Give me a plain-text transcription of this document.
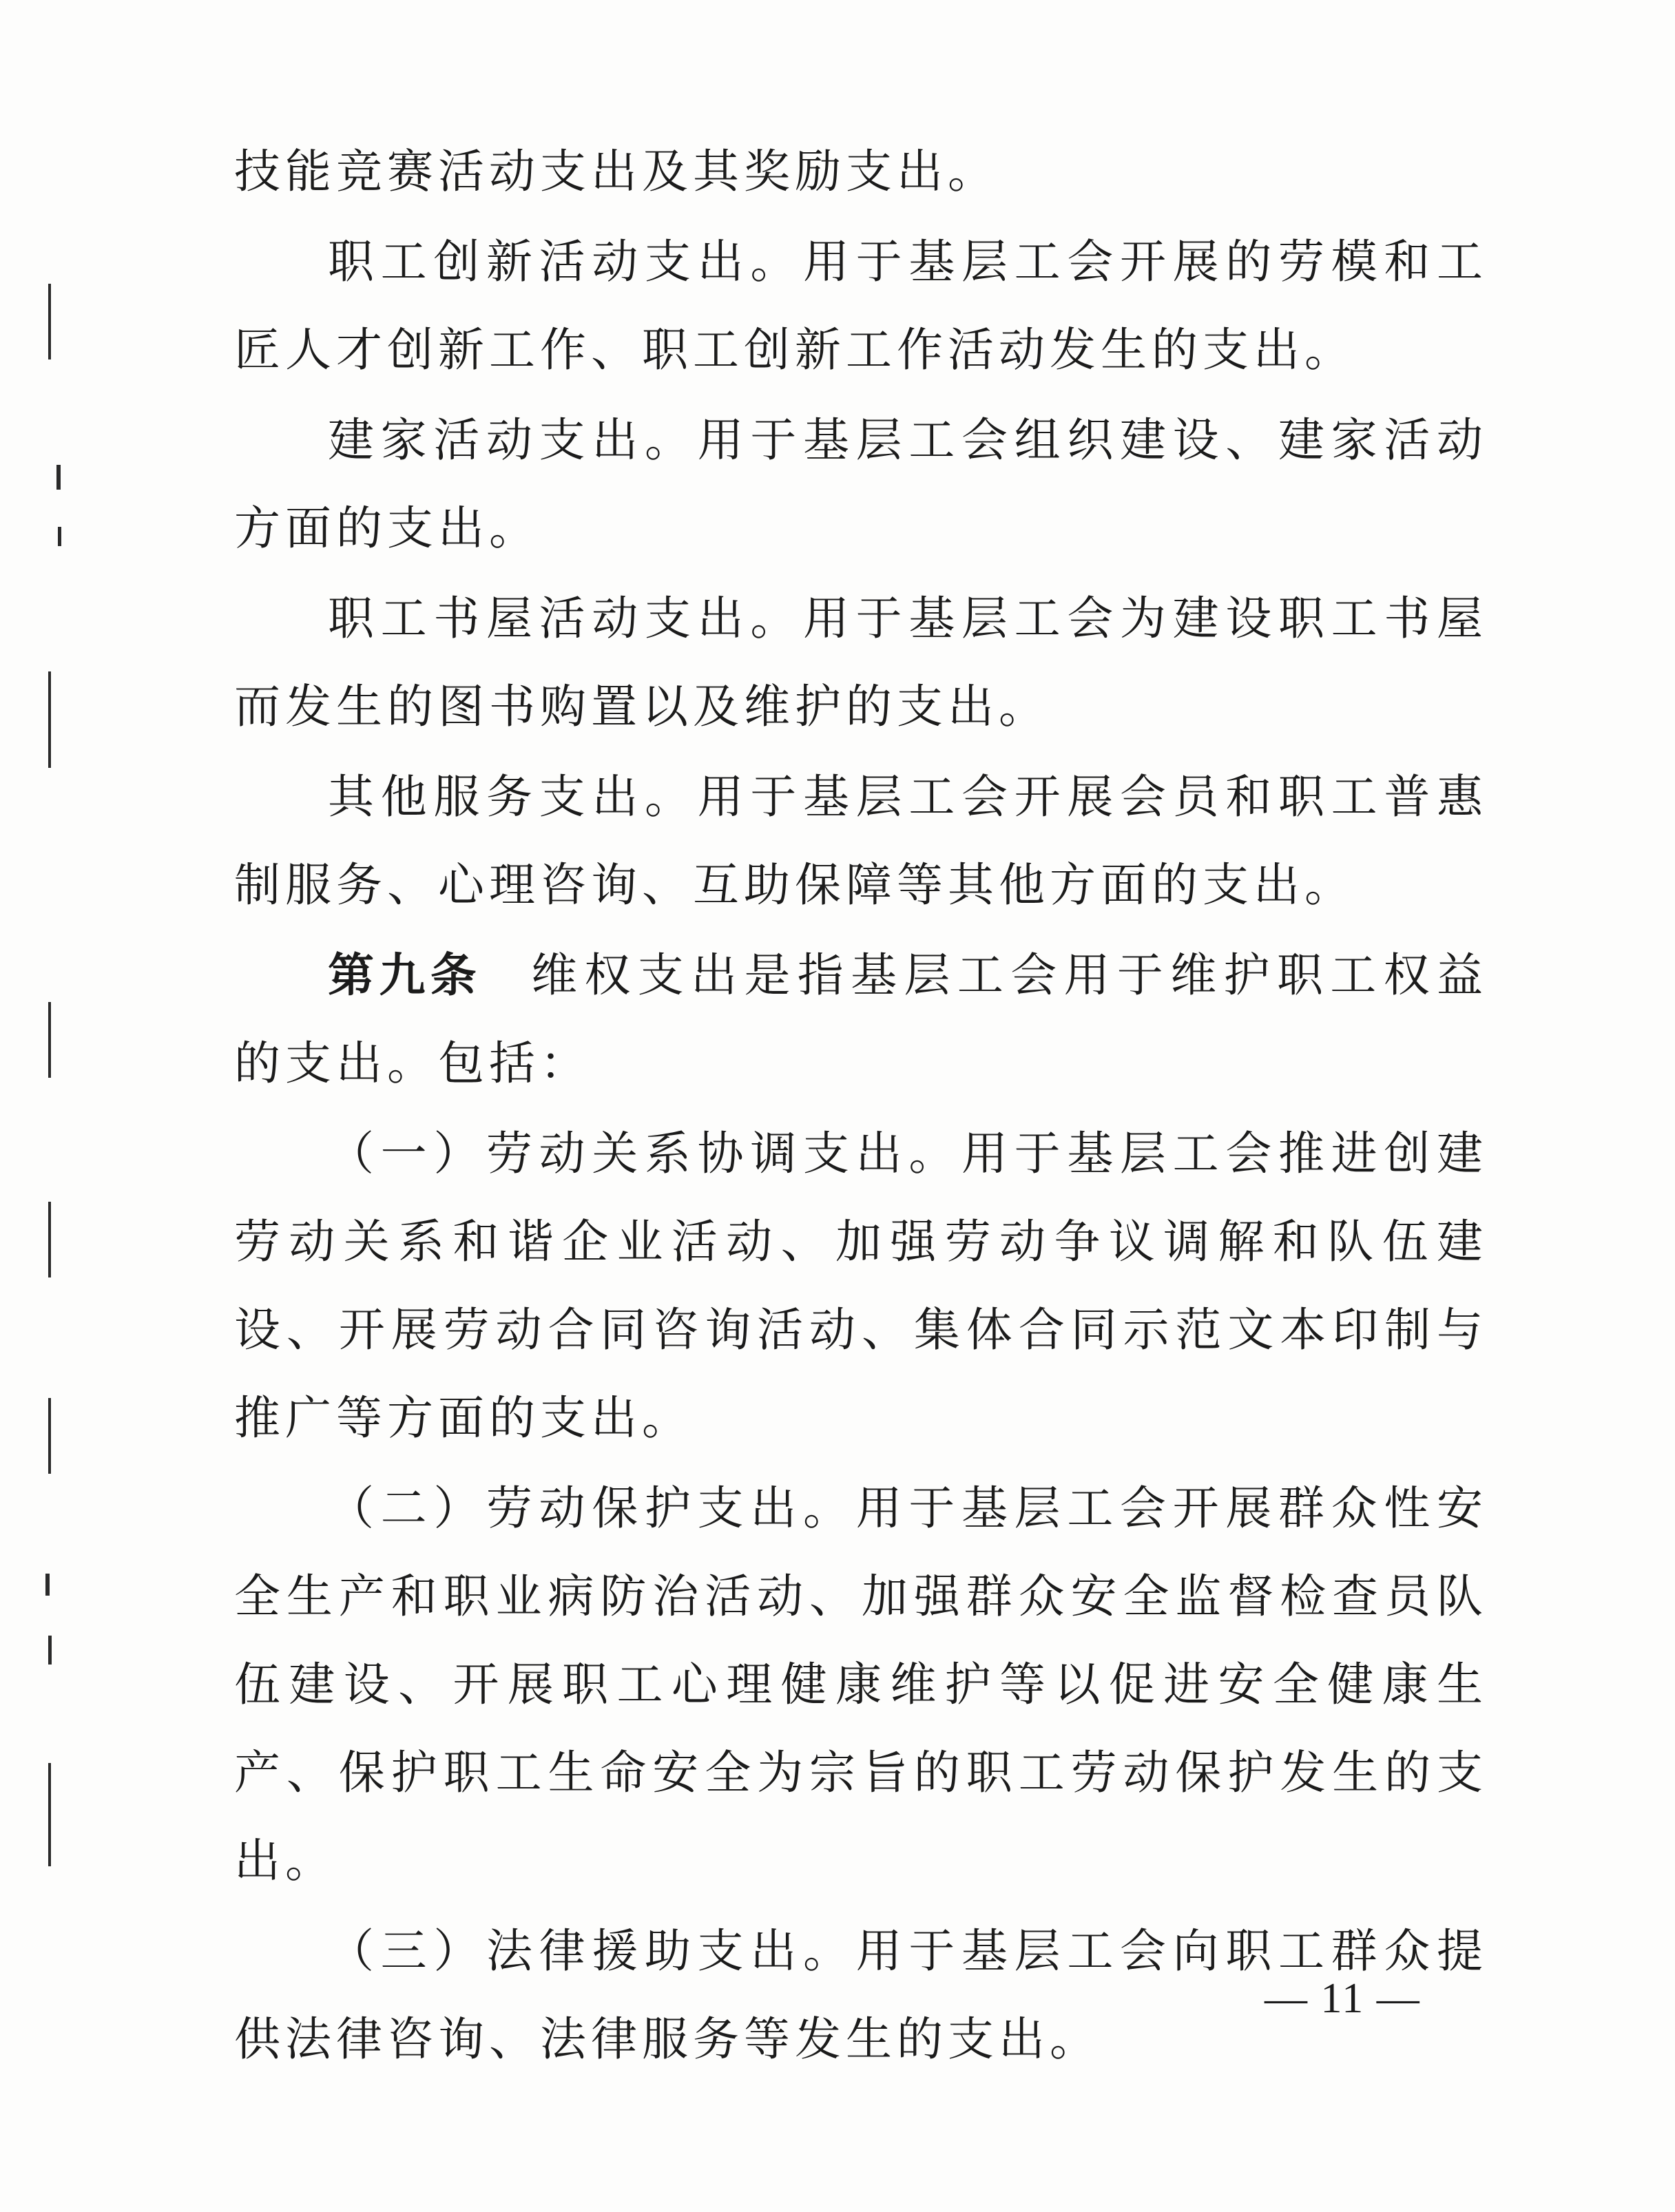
技能竞赛活动支出及其奖励支出。

职工创新活动支出。用于基层工会开展的劳模和工匠人才创新工作、职工创新工作活动发生的支出。

建家活动支出。用于基层工会组织建设、建家活动方面的支出。

职工书屋活动支出。用于基层工会为建设职工书屋而发生的图书购置以及维护的支出。

其他服务支出。用于基层工会开展会员和职工普惠制服务、心理咨询、互助保障等其他方面的支出。

第九条 维权支出是指基层工会用于维护职工权益的支出。包括：

（一）劳动关系协调支出。用于基层工会推进创建劳动关系和谐企业活动、加强劳动争议调解和队伍建设、开展劳动合同咨询活动、集体合同示范文本印制与推广等方面的支出。

（二）劳动保护支出。用于基层工会开展群众性安全生产和职业病防治活动、加强群众安全监督检查员队伍建设、开展职工心理健康维护等以促进安全健康生产、保护职工生命安全为宗旨的职工劳动保护发生的支出。

（三）法律援助支出。用于基层工会向职工群众提供法律咨询、法律服务等发生的支出。

— 11 —
